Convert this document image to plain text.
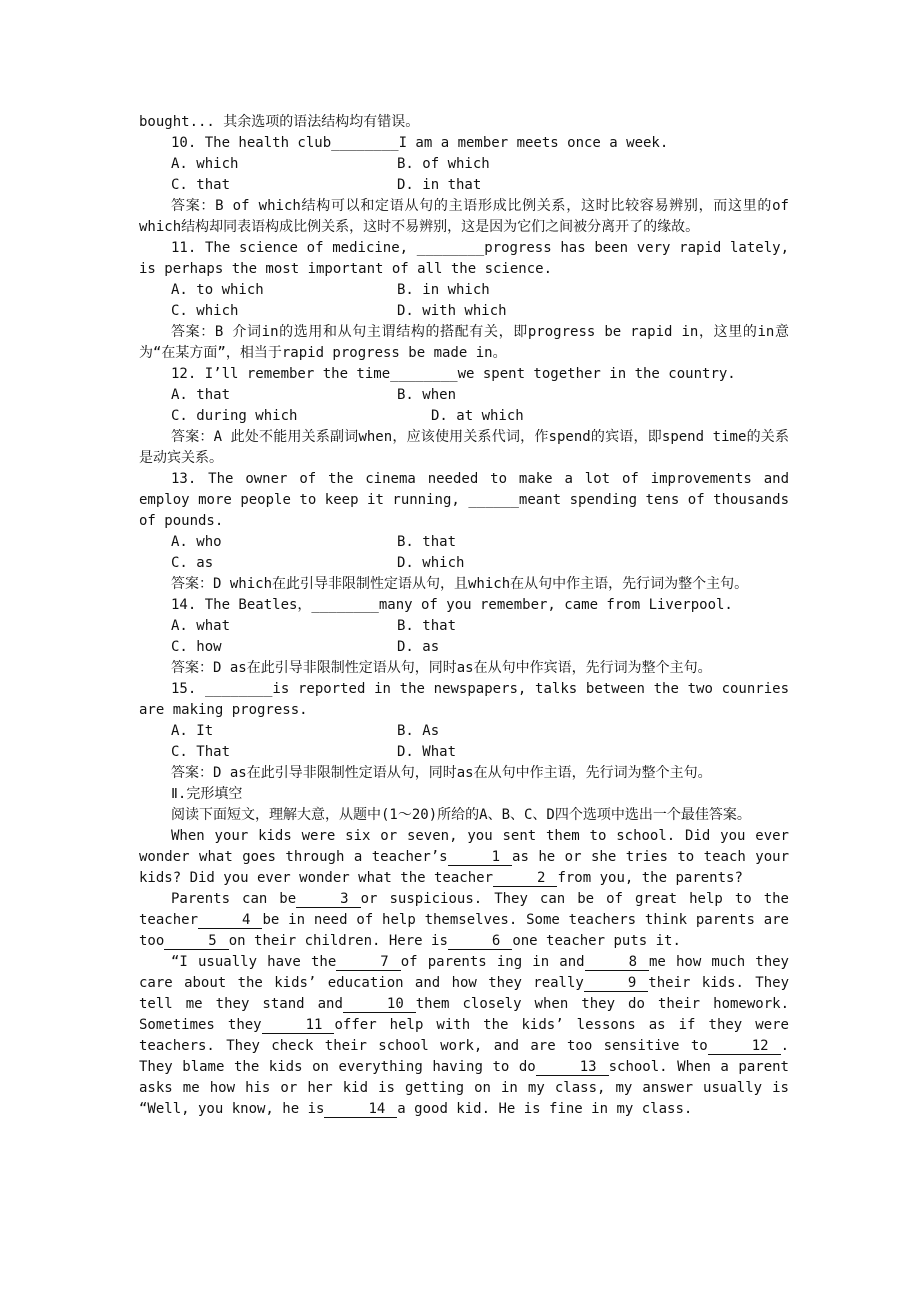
bought... 其余选项的语法结构均有错误。

10. The health club________I am a member meets once a week.

A. which	B. of which
C. that	D. in that

答案：B of which结构可以和定语从句的主语形成比例关系，这时比较容易辨别，而这里的of which结构却同表语构成比例关系，这时不易辨别，这是因为它们之间被分离开了的缘故。

11. The science of medicine, ________progress has been very rapid lately, is perhaps the most important of all the science.

A. to which	B. in which
C. which	D. with which

答案：B 介词in的选用和从句主谓结构的搭配有关，即progress be rapid in，这里的in意为“在某方面”，相当于rapid progress be made in。

12. I’ll remember the time________we spent together in the country.

A. that	B. when
C. during which	D. at which

答案：A 此处不能用关系副词when，应该使用关系代词，作spend的宾语，即spend time的关系是动宾关系。

13. The owner of the cinema needed to make a lot of improvements and employ more people to keep it running, ______meant spending tens of thousands of pounds.

A. who	B. that
C. as	D. which

答案：D which在此引导非限制性定语从句，且which在从句中作主语，先行词为整个主句。

14. The Beatles，________many of you remember, came from Liverpool.

A. what	B. that
C. how	D. as

答案：D as在此引导非限制性定语从句，同时as在从句中作宾语，先行词为整个主句。

15. ________is reported in the newspapers, talks between the two counries are making progress.

A. It	B. As
C. That	D. What

答案：D as在此引导非限制性定语从句，同时as在从句中作主语，先行词为整个主句。

Ⅱ.完形填空

阅读下面短文，理解大意，从题中(1～20)所给的A、B、C、D四个选项中选出一个最佳答案。

When your kids were six or seven, you sent them to school. Did you ever wonder what goes through a teacher’s	1 as he or she tries to teach your kids? Did you ever wonder what the teacher	2 from you, the parents?

Parents can be	3 or suspicious. They can be of great help to the teacher	4 be in need of help themselves. Some teachers think parents are too	5 on their children. Here is	6 one teacher puts it.

“I usually have the	7 of parents ing in and	8 me how much they care about the kids’ education and how they really	9 their kids. They tell me they stand and	10 them closely when they do their homework. Sometimes they	11 offer help with the kids’ lessons as if they were teachers. They check their school work, and are too sensitive to	12 . They blame the kids on everything having to do	13 school. When a parent asks me how his or her kid is getting on in my class, my answer usually is “Well, you know, he is	14 a good kid. He is fine in my class.
